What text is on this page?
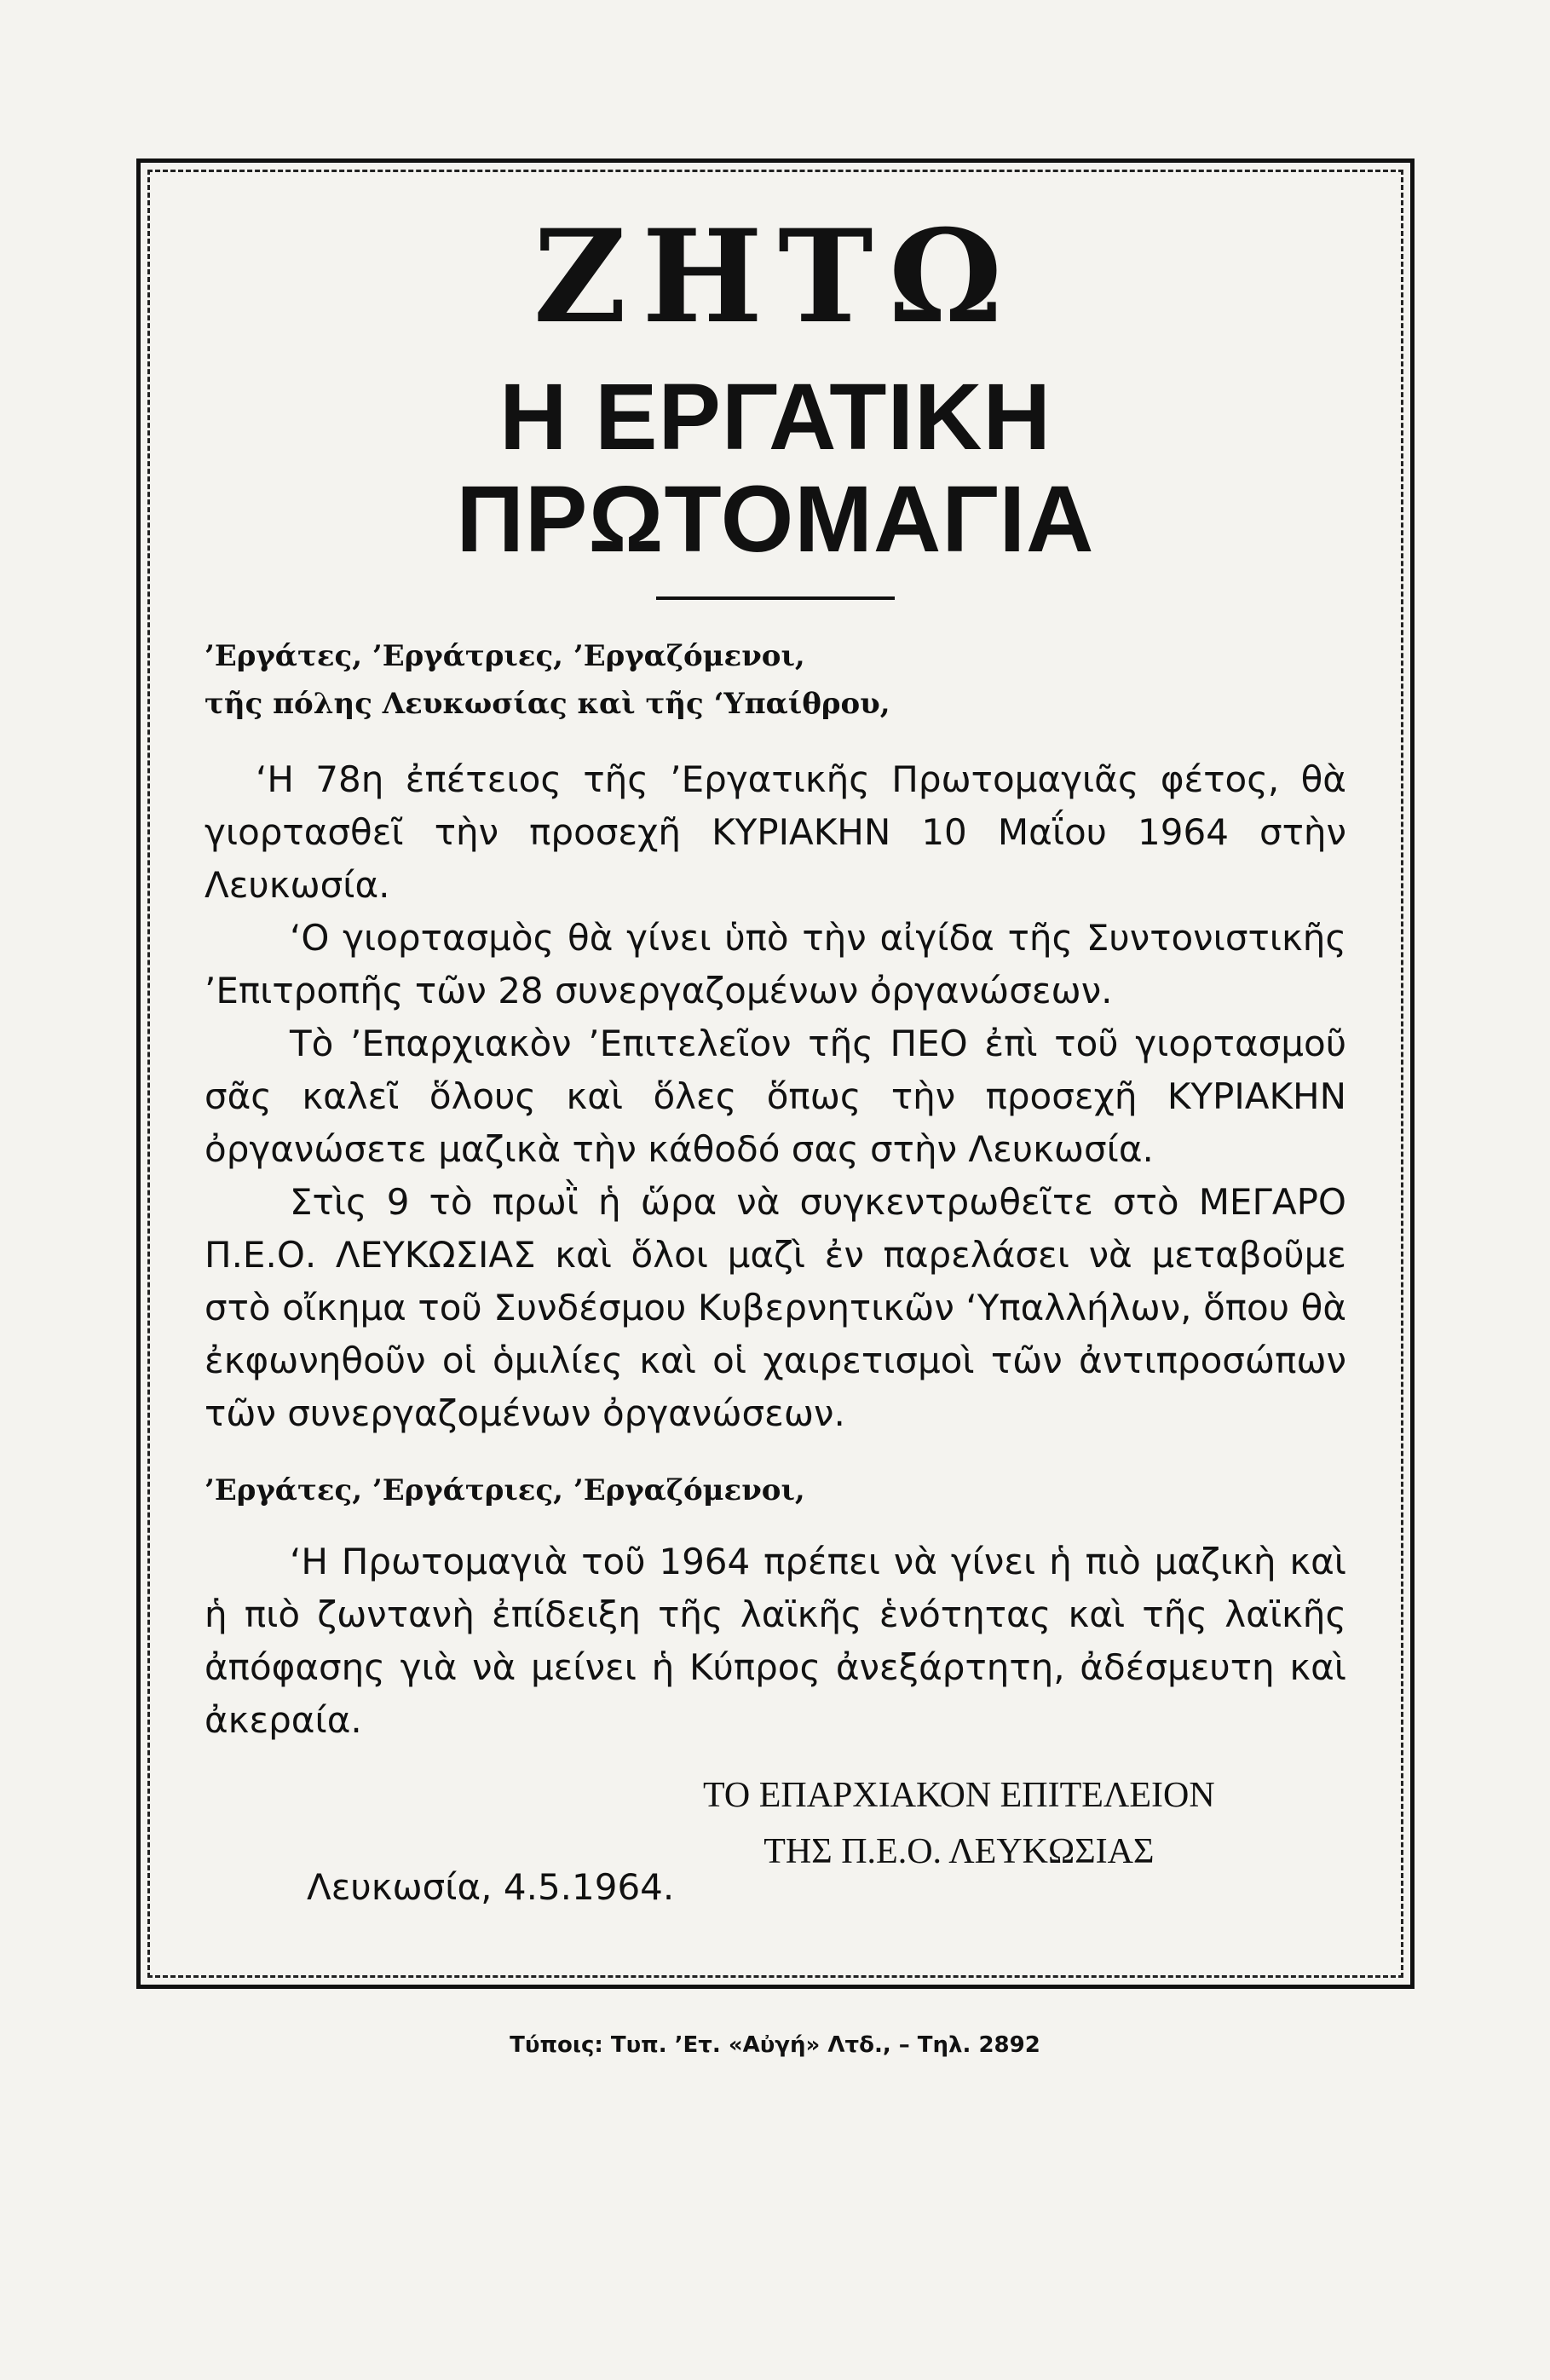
ΖΗΤΩ
Η ΕΡΓΑΤΙΚΗ ΠΡΩΤΟΜΑΓΙΑ
’Εργάτες, ’Εργάτριες, ’Εργαζόμενοι,
τῆς πόλης Λευκωσίας καὶ τῆς ‘Υπαίθρου,

‘Η 78η ἐπέτειος τῆς ’Εργατικῆς Πρωτομαγιᾶς φέτος, θὰ γιορτασθεῖ τὴν προσεχῆ ΚΥΡΙΑΚΗΝ 10 Μαΐου 1964 στὴν Λευκωσία.

‘Ο γιορτασμὸς θὰ γίνει ὑπὸ τὴν αἰγίδα τῆς Συντονιστικῆς ’Επιτροπῆς τῶν 28 συνεργαζομένων ὀργανώσεων.

Τὸ ’Επαρχιακὸν ’Επιτελεῖον τῆς ΠΕΟ ἐπὶ τοῦ γιορτασμοῦ σᾶς καλεῖ ὅλους καὶ ὅλες ὅπως τὴν προσεχῆ ΚΥΡΙΑΚΗΝ ὀργανώσετε μαζικὰ τὴν κάθοδό σας στὴν Λευκωσία.

Στὶς 9 τὸ πρωῒ ἡ ὥρα νὰ συγκεντρωθεῖτε στὸ ΜΕΓΑΡΟ Π.Ε.Ο. ΛΕΥΚΩΣΙΑΣ καὶ ὅλοι μαζὶ ἐν παρελάσει νὰ μεταβοῦμε στὸ οἴκημα τοῦ Συνδέσμου Κυβερνητικῶν ‘Υπαλλήλων, ὅπου θὰ ἐκφωνηθοῦν οἱ ὁμιλίες καὶ οἱ χαιρετισμοὶ τῶν ἀντιπροσώπων τῶν συνεργαζομένων ὀργανώσεων.

’Εργάτες, ’Εργάτριες, ’Εργαζόμενοι,

‘Η Πρωτομαγιὰ τοῦ 1964 πρέπει νὰ γίνει ἡ πιὸ μαζικὴ καὶ ἡ πιὸ ζωντανὴ ἐπίδειξη τῆς λαϊκῆς ἑνότητας καὶ τῆς λαϊκῆς ἀπόφασης γιὰ νὰ μείνει ἡ Κύπρος ἀνεξάρτητη, ἀδέσμευτη καὶ ἀκεραία.

ΤΟ ΕΠΑΡΧΙΑΚΟΝ ΕΠΙΤΕΛΕΙΟΝ
ΤΗΣ Π.Ε.Ο. ΛΕΥΚΩΣΙΑΣ
Λευκωσία, 4.5.1964.
Τύποις: Τυπ. ’Ετ. «Αὐγή» Λτδ., – Τηλ. 2892
